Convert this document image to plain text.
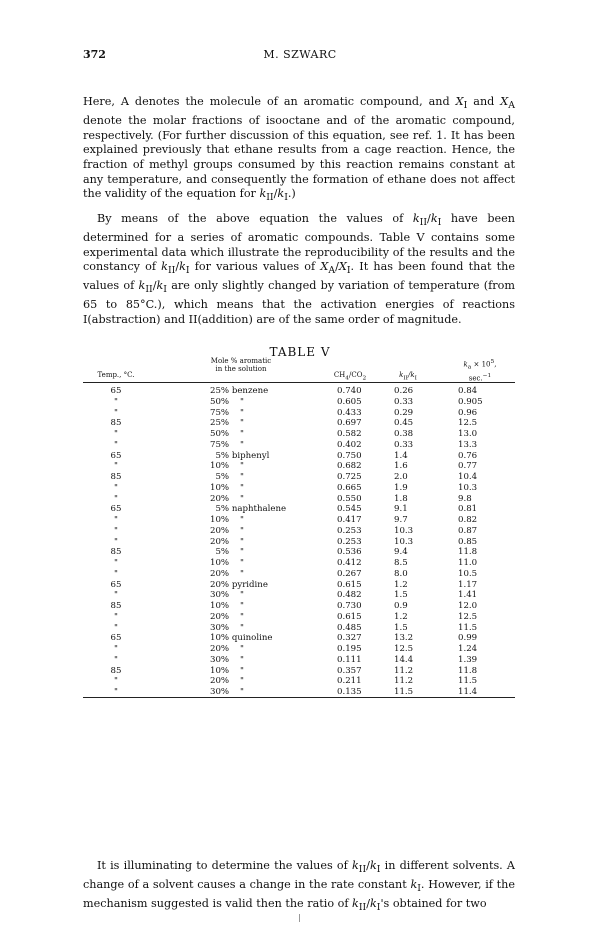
372	M. SZWARC

Here, A denotes the molecule of an aromatic compound, and $X_I$ and $X_A$ denote the molar fractions of isooctane and of the aromatic compound, respectively. (For further discussion of this equation, see ref. 1. It has been explained previously that ethane results from a cage reaction. Hence, the fraction of methyl groups consumed by this reaction remains constant at any temperature, and consequently the formation of ethane does not affect the validity of the equation for $k_{II}/k_I$.)

By means of the above equation the values of $k_{II}/k_I$ have been determined for a series of aromatic compounds. Table V contains some experimental data which illustrate the reproducibility of the results and the constancy of $k_{II}/k_I$ for various values of $X_A/X_I$. It has been found that the values of $k_{II}/k_I$ are only slightly changed by variation of temperature (from 65 to 85°C.), which means that the activation energies of reactions I(abstraction) and II(addition) are of the same order of magnitude.

TABLE V
Temp., °C.
Mole % aromatic
in the solution
$CH_4/CO_2$	$k_{II}/k_I$
$k_a \times 10^5$,
sec.$^{-1}$
65	25% benzene	0.740	0.26	0.84
"	50%    "	0.605	0.33	0.905
"	75%    "	0.433	0.29	0.96
85	25%    "	0.697	0.45	12.5
"	50%    "	0.582	0.38	13.0
"	75%    "	0.402	0.33	13.3
65	5% biphenyl	0.750	1.4	0.76
"	10%    "	0.682	1.6	0.77
85	5%    "	0.725	2.0	10.4
"	10%    "	0.665	1.9	10.3
"	20%    "	0.550	1.8	9.8
65	5% naphthalene	0.545	9.1	0.81
"	10%    "	0.417	9.7	0.82
"	20%    "	0.253	10.3	0.87
"	20%    "	0.253	10.3	0.85
85	5%    "	0.536	9.4	11.8
"	10%    "	0.412	8.5	11.0
"	20%    "	0.267	8.0	10.5
65	20% pyridine	0.615	1.2	1.17
"	30%    "	0.482	1.5	1.41
85	10%    "	0.730	0.9	12.0
"	20%    "	0.615	1.2	12.5
"	30%    "	0.485	1.5	11.5
65	10% quinoline	0.327	13.2	0.99
"	20%    "	0.195	12.5	1.24
"	30%    "	0.111	14.4	1.39
85	10%    "	0.357	11.2	11.8
"	20%    "	0.211	11.2	11.5
"	30%    "	0.135	11.5	11.4

It is illuminating to determine the values of $k_{II}/k_I$ in different solvents. A change of a solvent causes a change in the rate constant $k_I$. However, if the mechanism suggested is valid then the ratio of $k_{II}/k_I's$ obtained for two
